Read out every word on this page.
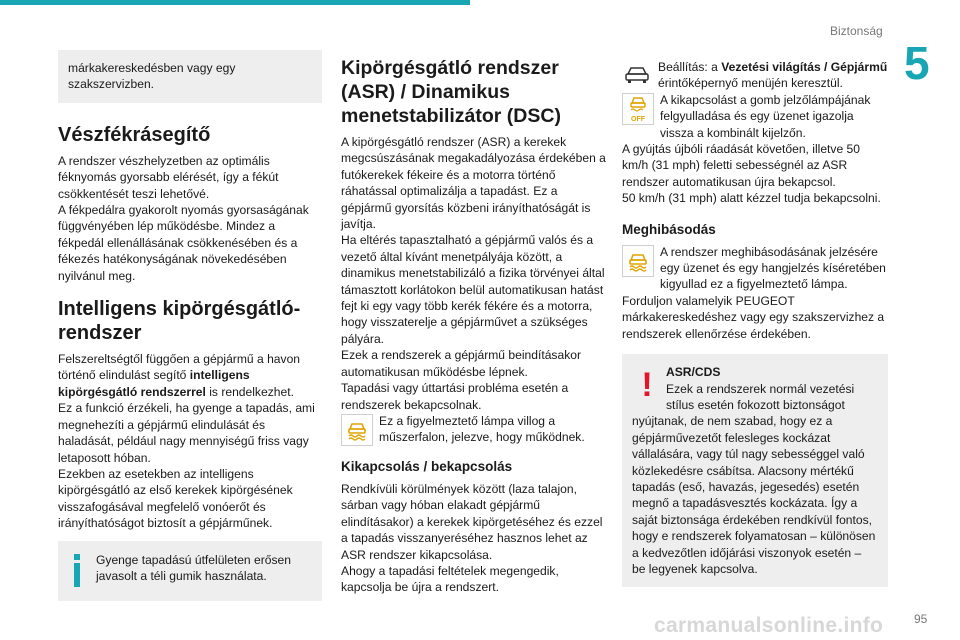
Biztonság
5

márkakereskedésben vagy egy szakszervizben.

Vészfékrásegítő

A rendszer vészhelyzetben az optimális féknyomás gyorsabb elérését, így a fékút csökkentését teszi lehetővé.

A fékpedálra gyakorolt nyomás gyorsaságának függvényében lép működésbe. Mindez a fékpedál ellenállásának csökkenésében és a fékezés hatékonyságának növekedésében nyilvánul meg.

Intelligens kipörgésgátló-rendszer

Felszereltségtől függően a gépjármű a havon történő elindulást segítő intelligens kipörgésgátló rendszerrel is rendelkezhet.

Ez a funkció érzékeli, ha gyenge a tapadás, ami megnehezíti a gépjármű elindulását és haladását, például nagy mennyiségű friss vagy letaposott hóban.

Ezekben az esetekben az intelligens kipörgésgátló az első kerekek kipörgésének visszafogásával megfelelő vonóerőt és irányíthatóságot biztosít a gépjárműnek.

Gyenge tapadású útfelületen erősen javasolt a téli gumik használata.

Kipörgésgátló rendszer (ASR) / Dinamikus menetstabilizátor (DSC)

A kipörgésgátló rendszer (ASR) a kerekek megcsúszásának megakadályozása érdekében a futókerekek fékeire és a motorra történő ráhatással optimalizálja a tapadást. Ez a gépjármű gyorsítás közbeni irányíthatóságát is javítja.

Ha eltérés tapasztalható a gépjármű valós és a vezető által kívánt menetpályája között, a dinamikus menetstabilizáló a fizika törvényei által támasztott korlátokon belül automatikusan hatást fejt ki egy vagy több kerék fékére és a motorra, hogy visszaterelje a gépjárművet a szükséges pályára.

Ezek a rendszerek a gépjármű beindításakor automatikusan működésbe lépnek.

Tapadási vagy úttartási probléma esetén a rendszerek bekapcsolnak.

Ez a figyelmeztető lámpa villog a műszerfalon, jelezve, hogy működnek.

Kikapcsolás / bekapcsolás

Rendkívüli körülmények között (laza talajon, sárban vagy hóban elakadt gépjármű elindításakor) a kerekek kipörgetéséhez és ezzel a tapadás visszanyeréséhez hasznos lehet az ASR rendszer kikapcsolása.

Ahogy a tapadási feltételek megengedik, kapcsolja be újra a rendszert.

Beállítás: a Vezetési világítás / Gépjármű érintőképernyő menüjén keresztül.

OFF

A kikapcsolást a gomb jelzőlámpájának felgyulladása és egy üzenet igazolja vissza a kombinált kijelzőn.

A gyújtás újbóli ráadását követően, illetve 50 km/h (31 mph) feletti sebességnél az ASR rendszer automatikusan újra bekapcsol.

50 km/h (31 mph) alatt kézzel tudja bekapcsolni.

Meghibásodás

A rendszer meghibásodásának jelzésére egy üzenet és egy hangjelzés kíséretében kigyullad ez a figyelmeztető lámpa.

Forduljon valamelyik PEUGEOT márkakereskedéshez vagy egy szakszervizhez a rendszerek ellenőrzése érdekében.

!	ASR/CDS

Ezek a rendszerek normál vezetési stílus esetén fokozott biztonságot nyújtanak, de nem szabad, hogy ez a gépjárművezetőt felesleges kockázat vállalására, vagy túl nagy sebességgel való közlekedésre csábítsa. Alacsony mértékű tapadás (eső, havazás, jegesedés) esetén megnő a tapadásvesztés kockázata. Így a saját biztonsága érdekében rendkívül fontos, hogy e rendszerek folyamatosan – különösen a kedvezőtlen időjárási viszonyok esetén – be legyenek kapcsolva.

carmanualsonline.info	95
